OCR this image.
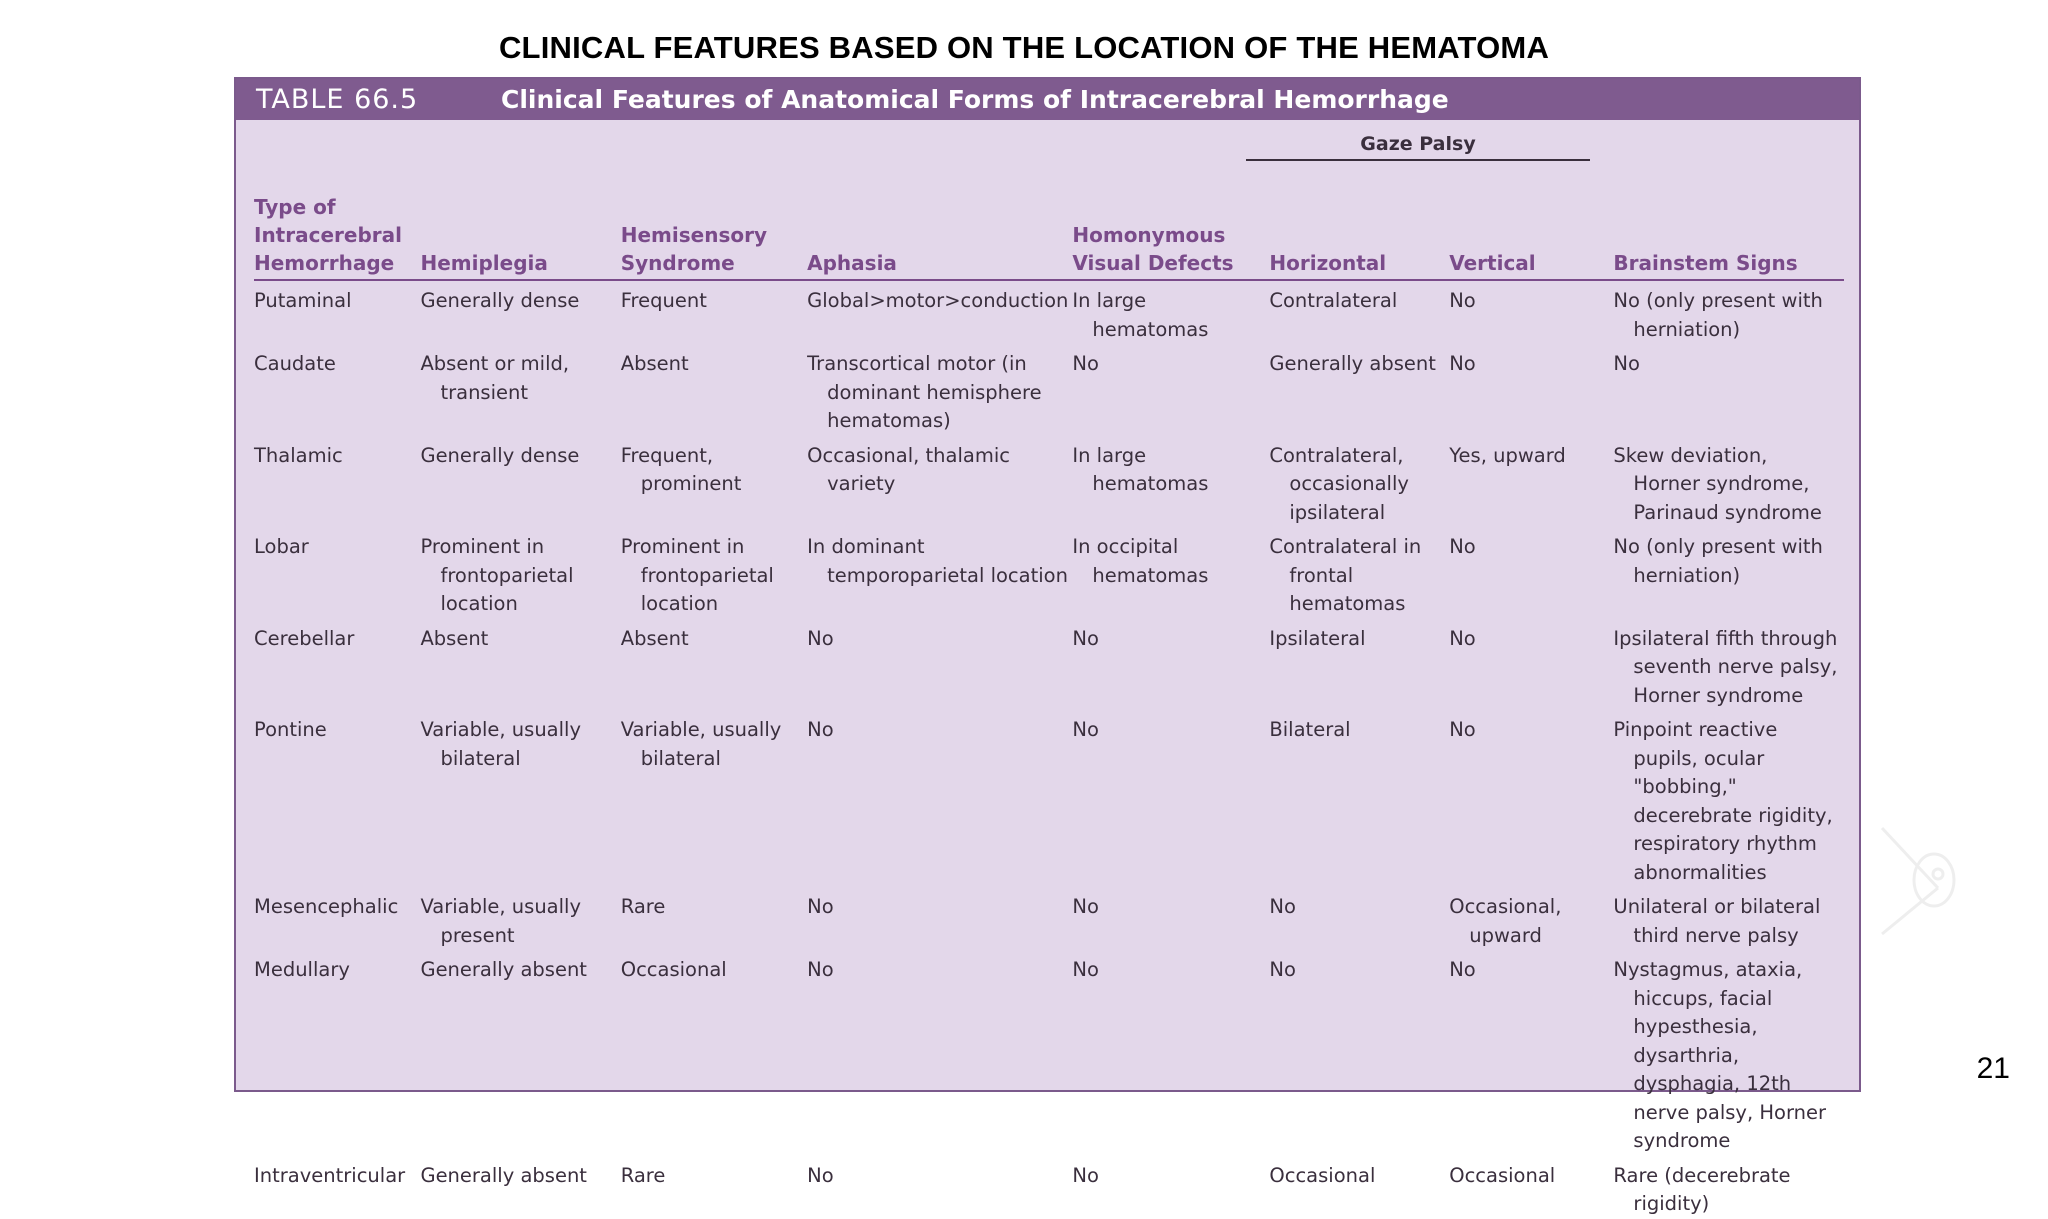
CLINICAL FEATURES BASED ON THE LOCATION OF THE HEMATOMA
TABLE 66.5	Clinical Features of Anatomical Forms of Intracerebral Hemorrhage
Gaze Palsy
Type of Intracerebral Hemorrhage	Hemiplegia	Hemisensory Syndrome	Aphasia	Homonymous Visual Defects	Horizontal	Vertical	Brainstem Signs

Putaminal	Generally dense	Frequent	Global>motor>conduction	In large hematomas	Contralateral	No	No (only present with herniation)

Caudate	Absent or mild, transient	Absent	Transcortical motor (in dominant hemisphere hematomas)	No	Generally absent	No	No

Thalamic	Generally dense	Frequent, prominent	Occasional, thalamic variety	In large hematomas	Contralateral, occasionally ipsilateral	Yes, upward	Skew deviation, Horner syndrome, Parinaud syndrome

Lobar	Prominent in frontoparietal location	Prominent in frontoparietal location	In dominant temporoparietal location	In occipital hematomas	Contralateral in frontal hematomas	No	No (only present with herniation)

Cerebellar	Absent	Absent	No	No	Ipsilateral	No	Ipsilateral fifth through seventh nerve palsy, Horner syndrome

Pontine	Variable, usually bilateral	Variable, usually bilateral	No	No	Bilateral	No	Pinpoint reactive pupils, ocular "bobbing," decerebrate rigidity, respiratory rhythm abnormalities

Mesencephalic	Variable, usually present	Rare	No	No	No	Occasional, upward	Unilateral or bilateral third nerve palsy

Medullary	Generally absent	Occasional	No	No	No	No	Nystagmus, ataxia, hiccups, facial hypesthesia, dysarthria, dysphagia, 12th nerve palsy, Horner syndrome

Intraventricular	Generally absent	Rare	No	No	Occasional	Occasional	Rare (decerebrate rigidity)
21
